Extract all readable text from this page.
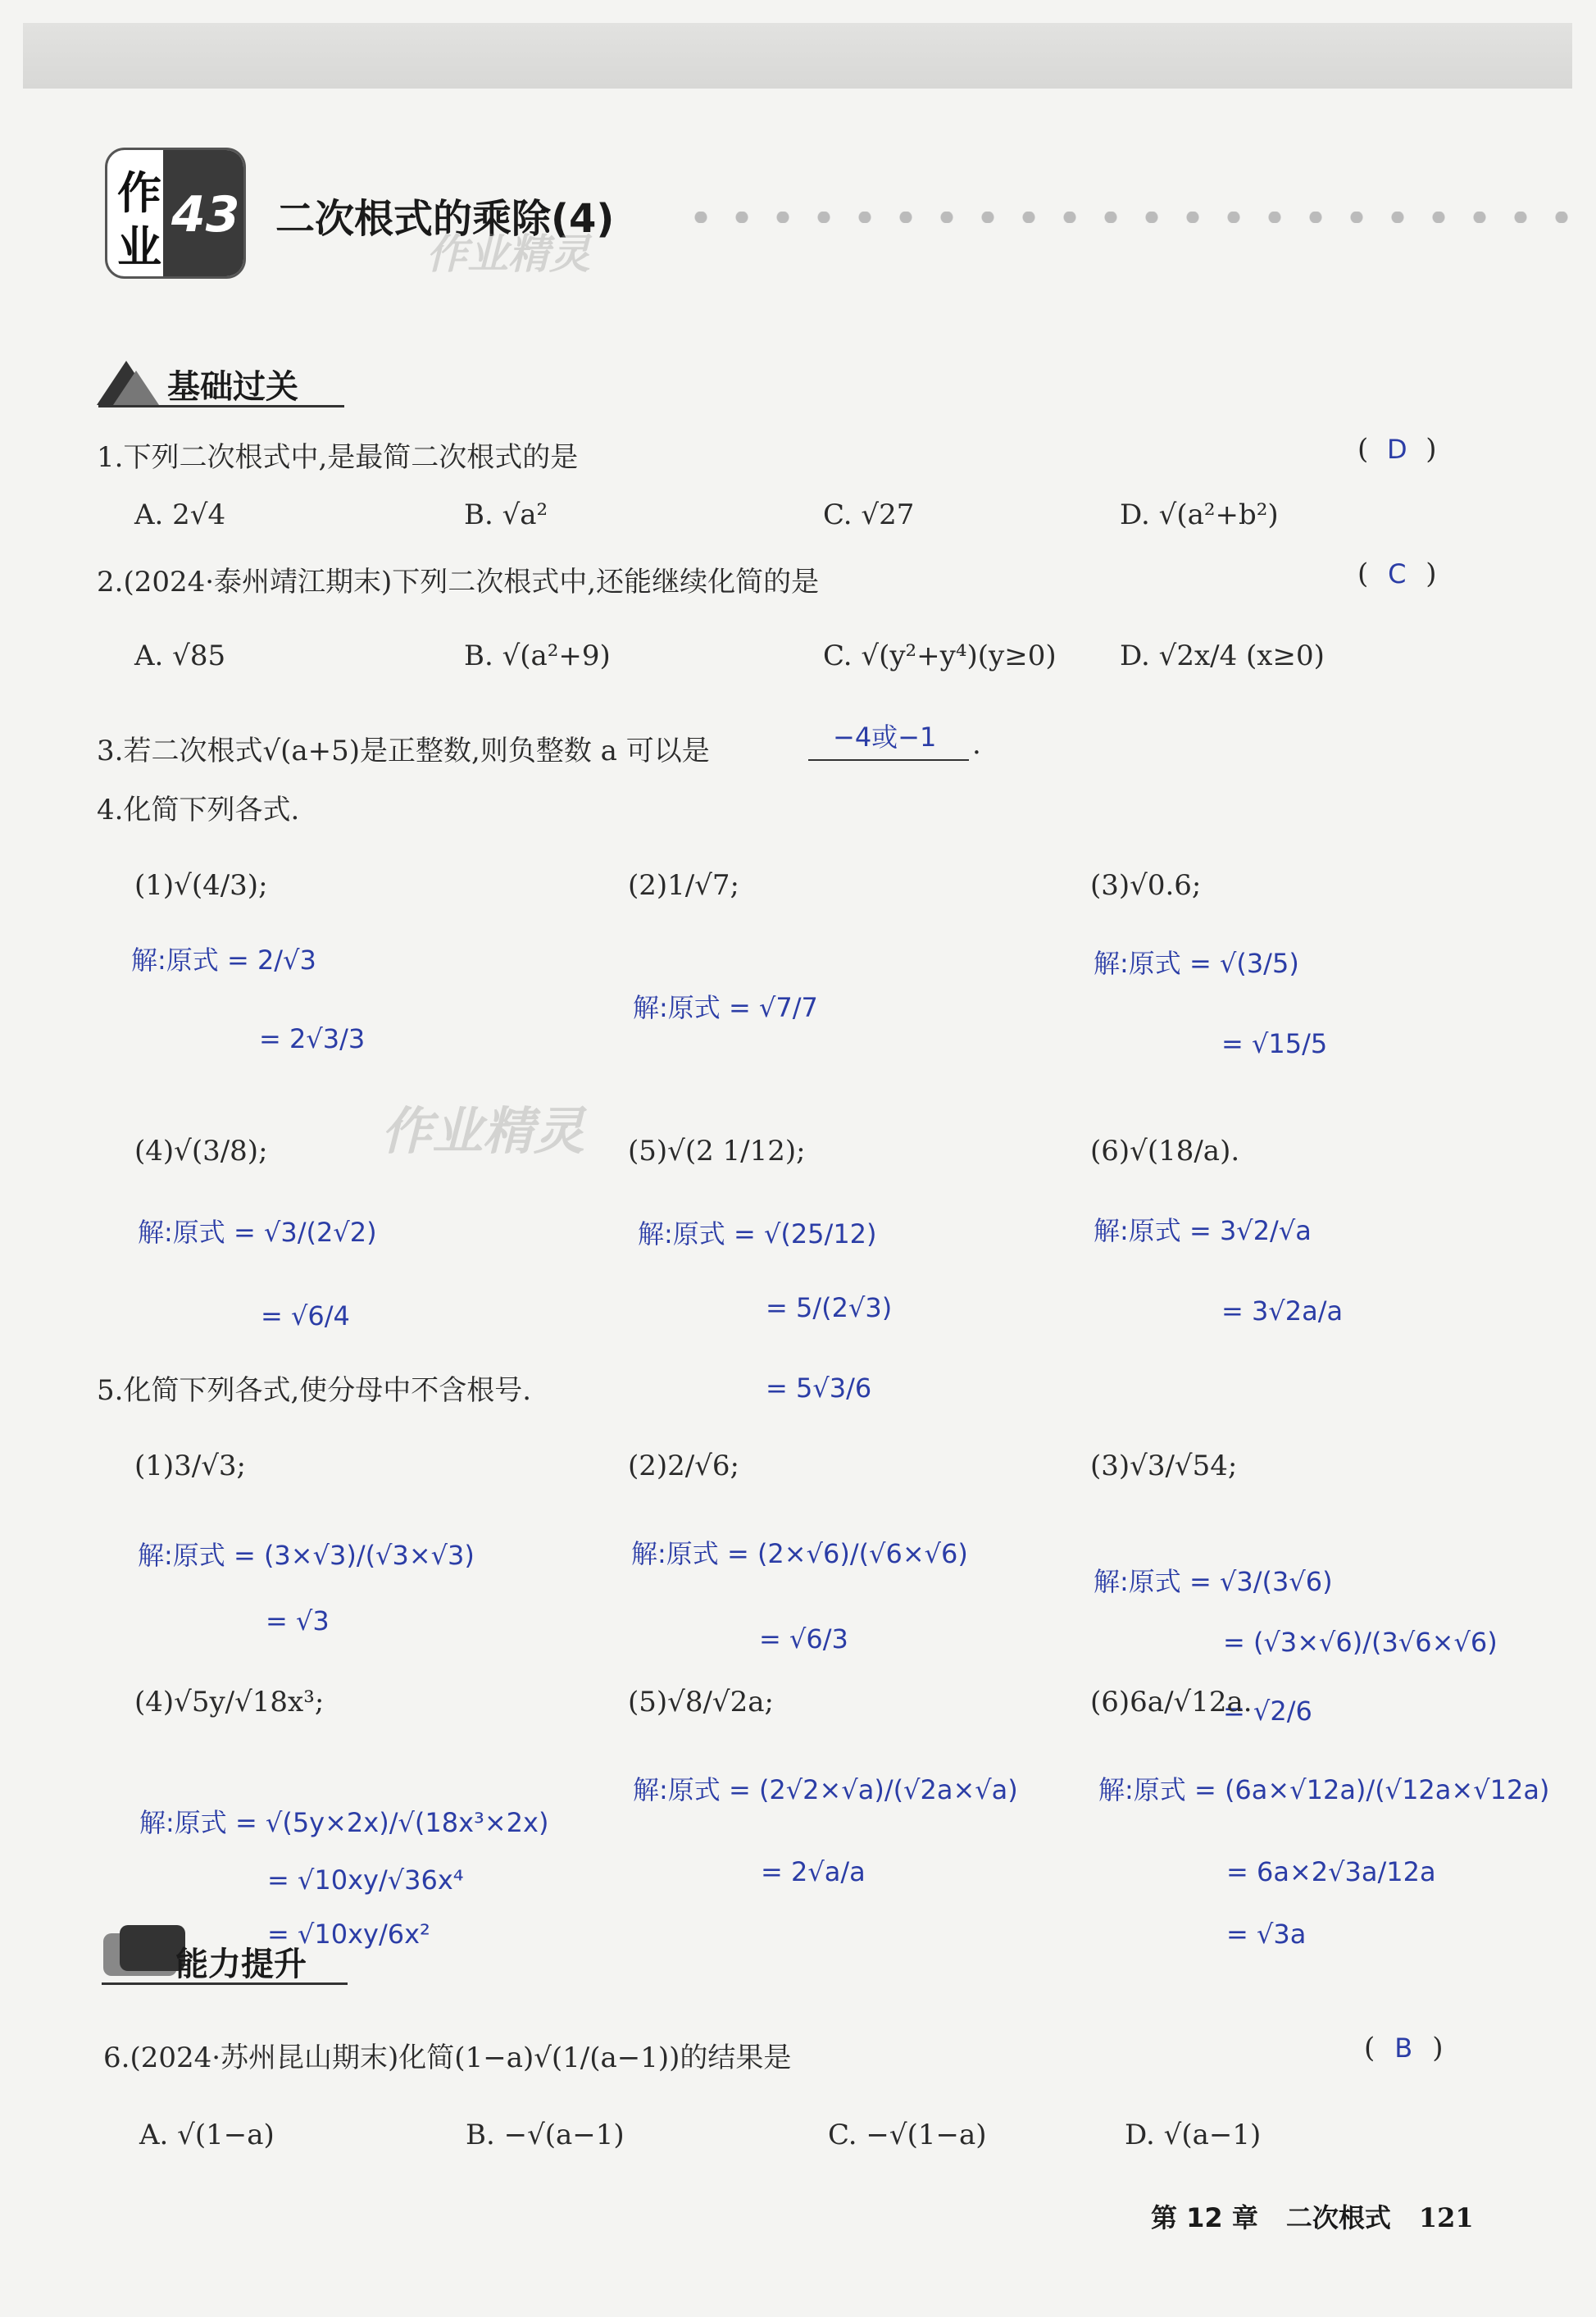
作
业
43 二次根式的乘除(4)
作业精灵
作业精灵
基础过关
1.下列二次根式中,是最简二次根式的是	( D )
A. 2√4	B. √a²	C. √27	D. √(a²+b²)
2.(2024·泰州靖江期末)下列二次根式中,还能继续化简的是	( C )
A. √85	B. √(a²+9)	C. √(y²+y⁴)(y≥0) D. √2x/4 (x≥0)
3.若二次根式√(a+5)是正整数,则负整数 a 可以是	−4或−1 .
4.化简下列各式.
(1)√(4/3);
解:原式 = 2/√3
= 2√3/3
(2)1/√7;
解:原式 = √7/7
(3)√0.6;
解:原式 = √(3/5)
= √15/5
(4)√(3/8);
解:原式 = √3/(2√2)
= √6/4
(5)√(2 1/12);
解:原式 = √(25/12)
= 5/(2√3)
= 5√3/6
(6)√(18/a).
解:原式 = 3√2/√a
= 3√2a/a
5.化简下列各式,使分母中不含根号.
(1)3/√3;
解:原式 = (3×√3)/(√3×√3)
= √3
(2)2/√6;
解:原式 = (2×√6)/(√6×√6)
= √6/3
(3)√3/√54;
解:原式 = √3/(3√6)
= (√3×√6)/(3√6×√6)
= √2/6
(4)√5y/√18x³;
解:原式 = √(5y×2x)/√(18x³×2x)
= √10xy/√36x⁴
= √10xy/6x²
(5)√8/√2a;
解:原式 = (2√2×√a)/(√2a×√a)
= 2√a/a
(6)6a/√12a.
解:原式 = (6a×√12a)/(√12a×√12a)
= 6a×2√3a/12a
= √3a
能力提升
6.(2024·苏州昆山期末)化简(1−a)√(1/(a−1))的结果是	( B )
A. √(1−a)	B. −√(a−1)	C. −√(1−a)	D. √(a−1)
第 12 章 二次根式 121
